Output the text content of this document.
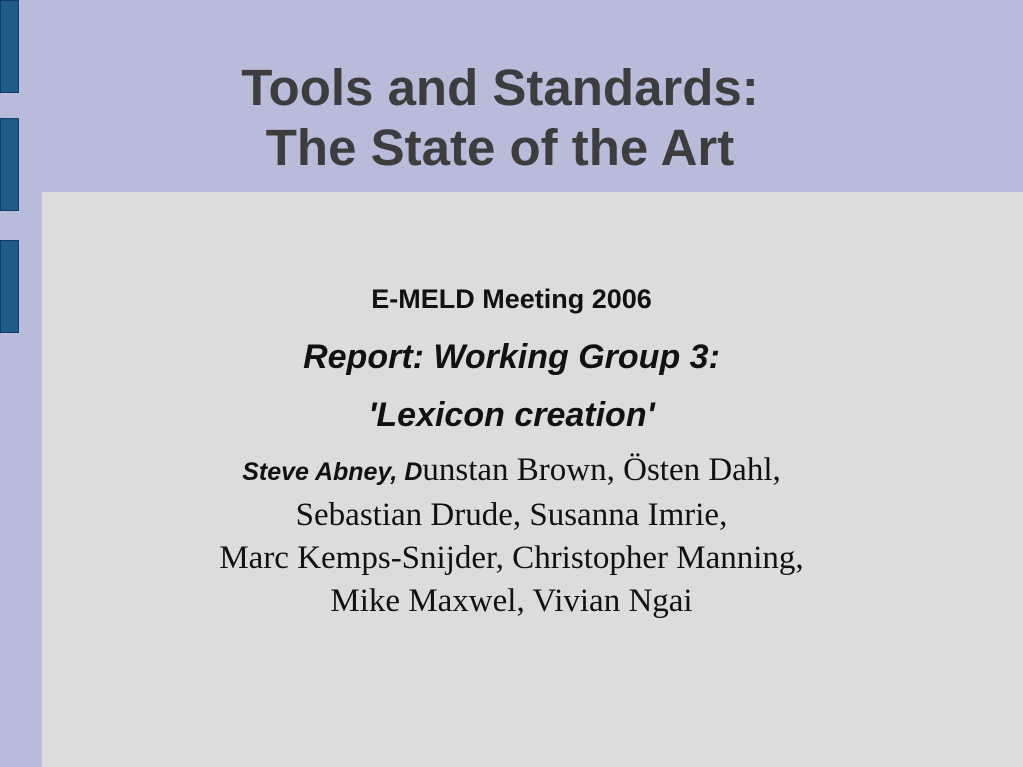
Tools and Standards:
The State of the Art
E-MELD Meeting 2006
Report: Working Group 3:
'Lexicon creation'
Steve Abney, Dunstan Brown, Östen Dahl,
Sebastian Drude, Susanna Imrie,
Marc Kemps-Snijder, Christopher Manning,
Mike Maxwel, Vivian Ngai
